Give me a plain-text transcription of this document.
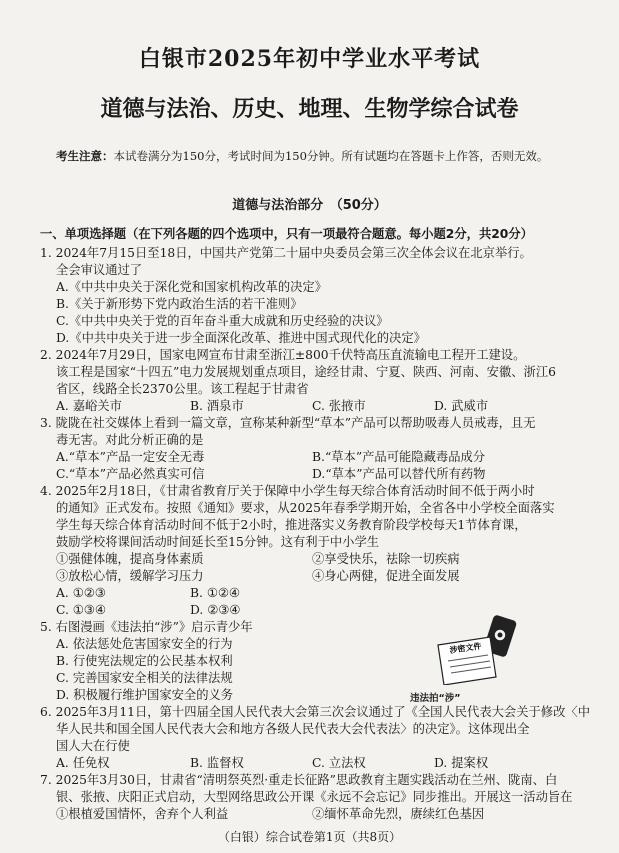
白银市2025年初中学业水平考试
道德与法治、历史、地理、生物学综合试卷
考生注意：本试卷满分为150分，考试时间为150分钟。所有试题均在答题卡上作答，否则无效。
道德与法治部分　（50分）
一、单项选择题（在下列各题的四个选项中，只有一项最符合题意。每小题2分，共20分）
1. 2024年7月15日至18日，中国共产党第二十届中央委员会第三次全体会议在北京举行。
全会审议通过了
A.《中共中央关于深化党和国家机构改革的决定》
B.《关于新形势下党内政治生活的若干准则》
C.《中共中央关于党的百年奋斗重大成就和历史经验的决议》
D.《中共中央关于进一步全面深化改革、推进中国式现代化的决定》
2. 2024年7月29日，国家电网宣布甘肃至浙江±800千伏特高压直流输电工程开工建设。
该工程是国家“十四五”电力发展规划重点项目，途经甘肃、宁夏、陕西、河南、安徽、浙江6
省区，线路全长2370公里。该工程起于甘肃省
A. 嘉峪关市	B. 酒泉市	C. 张掖市	D. 武威市
3. 陇陇在社交媒体上看到一篇文章，宣称某种新型“草本”产品可以帮助吸毒人员戒毒，且无
毒无害。对此分析正确的是
A.“草本”产品一定安全无毒	B.“草本”产品可能隐藏毒品成分
C.“草本”产品必然真实可信	D.“草本”产品可以替代所有药物
4. 2025年2月18日，《甘肃省教育厅关于保障中小学生每天综合体育活动时间不低于两小时
的通知》正式发布。按照《通知》要求，从2025年春季学期开始，全省各中小学校全面落实
学生每天综合体育活动时间不低于2小时，推进落实义务教育阶段学校每天1节体育课，
鼓励学校将课间活动时间延长至15分钟。这有利于中小学生
①强健体魄，提高身体素质	②享受快乐，祛除一切疾病
③放松心情，缓解学习压力	④身心两健，促进全面发展
A. ①②③	B. ①②④
C. ①③④	D. ②③④
5. 右图漫画《违法拍“涉”》启示青少年
A. 依法惩处危害国家安全的行为
B. 行使宪法规定的公民基本权利
C. 完善国家安全相关的法律法规
D. 积极履行维护国家安全的义务
涉密文件
违法拍“涉”
6. 2025年3月11日，第十四届全国人民代表大会第三次会议通过了《全国人民代表大会关于修改〈中
华人民共和国全国人民代表大会和地方各级人民代表大会代表法〉的决定》。这体现出全
国人大在行使
A. 任免权	B. 监督权	C. 立法权	D. 提案权
7. 2025年3月30日，甘肃省“清明祭英烈·重走长征路”思政教育主题实践活动在兰州、陇南、白
银、张掖、庆阳正式启动，大型网络思政公开课《永远不会忘记》同步推出。开展这一活动旨在
①根植爱国情怀，舍弃个人利益	②缅怀革命先烈，赓续红色基因
（白银）综合试卷第1页（共8页）
